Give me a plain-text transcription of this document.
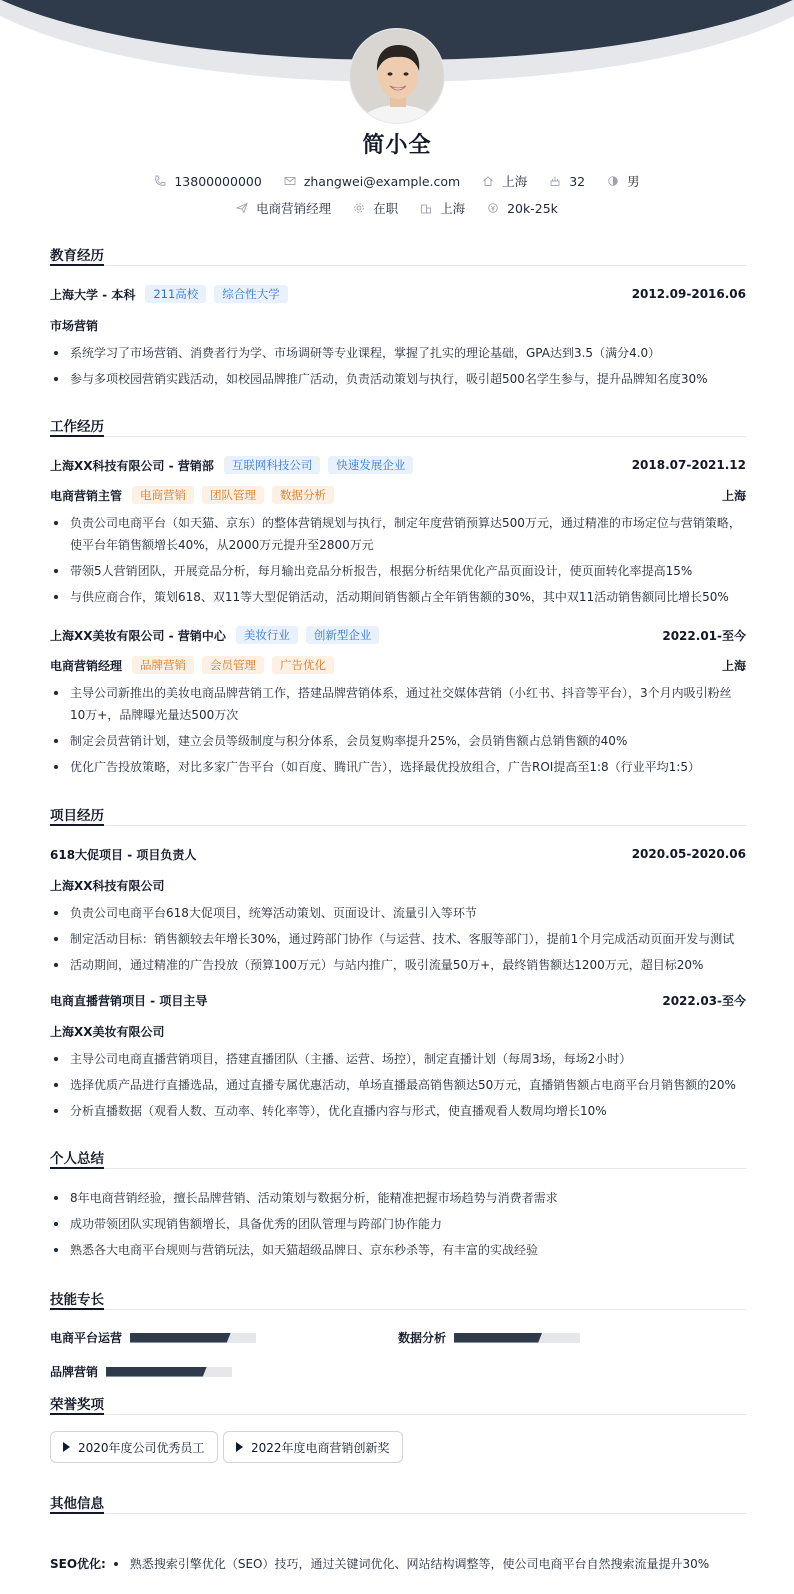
简小全
13800000000	zhangwei@example.com	上海	32	男
电商营销经理	在职	上海	20k-25k
教育经历
上海大学 - 本科	211高校	综合性大学	2012.09-2016.06
市场营销
系统学习了市场营销、消费者行为学、市场调研等专业课程，掌握了扎实的理论基础，GPA达到3.5（满分4.0）
参与多项校园营销实践活动，如校园品牌推广活动，负责活动策划与执行，吸引超500名学生参与，提升品牌知名度30%
工作经历
上海XX科技有限公司 - 营销部	互联网科技公司	快速发展企业	2018.07-2021.12
电商营销主管	电商营销	团队管理	数据分析	上海
负责公司电商平台（如天猫、京东）的整体营销规划与执行，制定年度营销预算达500万元，通过精准的市场定位与营销策略，使平台年销售额增长40%，从2000万元提升至2800万元
带领5人营销团队，开展竞品分析，每月输出竞品分析报告，根据分析结果优化产品页面设计，使页面转化率提高15%
与供应商合作，策划618、双11等大型促销活动，活动期间销售额占全年销售额的30%，其中双11活动销售额同比增长50%
上海XX美妆有限公司 - 营销中心	美妆行业	创新型企业	2022.01-至今
电商营销经理	品牌营销	会员管理	广告优化	上海
主导公司新推出的美妆电商品牌营销工作，搭建品牌营销体系，通过社交媒体营销（小红书、抖音等平台），3个月内吸引粉丝10万+，品牌曝光量达500万次
制定会员营销计划，建立会员等级制度与积分体系，会员复购率提升25%，会员销售额占总销售额的40%
优化广告投放策略，对比多家广告平台（如百度、腾讯广告），选择最优投放组合，广告ROI提高至1:8（行业平均1:5）
项目经历
618大促项目 - 项目负责人	2020.05-2020.06
上海XX科技有限公司
负责公司电商平台618大促项目，统筹活动策划、页面设计、流量引入等环节
制定活动目标：销售额较去年增长30%，通过跨部门协作（与运营、技术、客服等部门），提前1个月完成活动页面开发与测试
活动期间，通过精准的广告投放（预算100万元）与站内推广，吸引流量50万+，最终销售额达1200万元，超目标20%
电商直播营销项目 - 项目主导	2022.03-至今
上海XX美妆有限公司
主导公司电商直播营销项目，搭建直播团队（主播、运营、场控），制定直播计划（每周3场，每场2小时）
选择优质产品进行直播选品，通过直播专属优惠活动，单场直播最高销售额达50万元，直播销售额占电商平台月销售额的20%
分析直播数据（观看人数、互动率、转化率等），优化直播内容与形式，使直播观看人数周均增长10%
个人总结
8年电商营销经验，擅长品牌营销、活动策划与数据分析，能精准把握市场趋势与消费者需求
成功带领团队实现销售额增长，具备优秀的团队管理与跨部门协作能力
熟悉各大电商平台规则与营销玩法，如天猫超级品牌日、京东秒杀等，有丰富的实战经验
技能专长
电商平台运营	数据分析
品牌营销
荣誉奖项
2020年度公司优秀员工	2022年度电商营销创新奖
其他信息
SEO优化: 熟悉搜索引擎优化（SEO）技巧，通过关键词优化、网站结构调整等，使公司电商平台自然搜索流量提升30%
